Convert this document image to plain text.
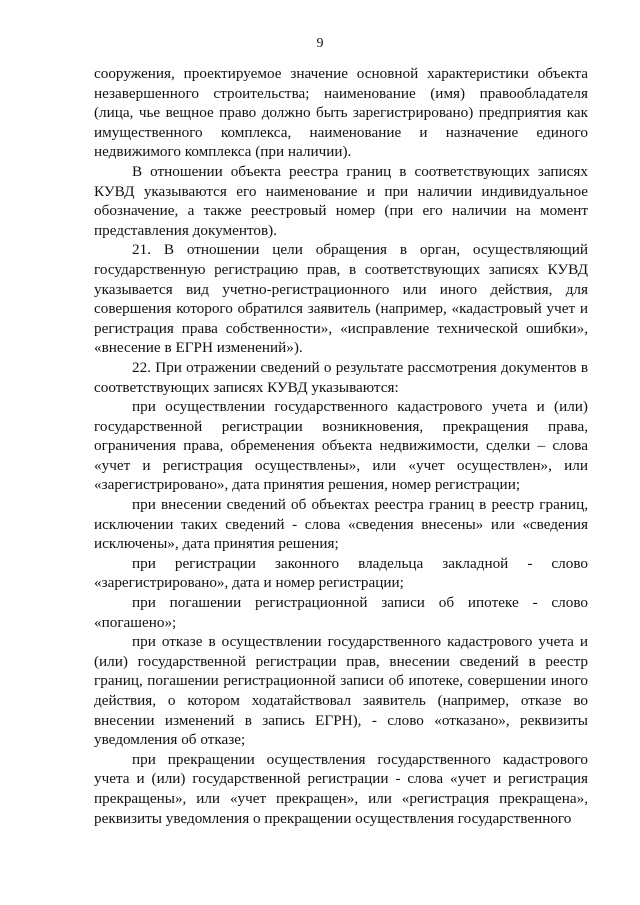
9

сооружения, проектируемое значение основной характеристики объекта незавершенного строительства; наименование (имя) правообладателя (лица, чье вещное право должно быть зарегистрировано) предприятия как имущественного комплекса, наименование и назначение единого недвижимого комплекса (при наличии).

В отношении объекта реестра границ в соответствующих записях КУВД указываются его наименование и при наличии индивидуальное обозначение, а также реестровый номер (при его наличии на момент представления документов).

21. В отношении цели обращения в орган, осуществляющий государственную регистрацию прав, в соответствующих записях КУВД указывается вид учетно-регистрационного или иного действия, для совершения которого обратился заявитель (например, «кадастровый учет и регистрация права собственности», «исправление технической ошибки», «внесение в ЕГРН изменений»).

22. При отражении сведений о результате рассмотрения документов в соответствующих записях КУВД указываются:

при осуществлении государственного кадастрового учета и (или) государственной регистрации возникновения, прекращения права, ограничения права, обременения объекта недвижимости, сделки – слова «учет и регистрация осуществлены», или «учет осуществлен», или «зарегистрировано», дата принятия решения, номер регистрации;

при внесении сведений об объектах реестра границ в реестр границ, исключении таких сведений - слова «сведения внесены» или «сведения исключены», дата принятия решения;

при регистрации законного владельца закладной - слово «зарегистрировано», дата и номер регистрации;

при погашении регистрационной записи об ипотеке - слово «погашено»;

при отказе в осуществлении государственного кадастрового учета и (или) государственной регистрации прав, внесении сведений в реестр границ, погашении регистрационной записи об ипотеке, совершении иного действия, о котором ходатайствовал заявитель (например, отказе во внесении изменений в запись ЕГРН), - слово «отказано», реквизиты уведомления об отказе;

при прекращении осуществления государственного кадастрового учета и (или) государственной регистрации - слова «учет и регистрация прекращены», или «учет прекращен», или «регистрация прекращена», реквизиты уведомления о прекращении осуществления государственного
